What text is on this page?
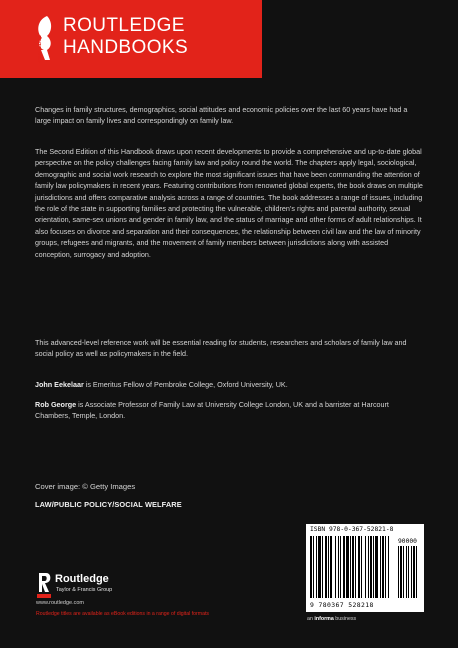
ROUTLEDGE
ROUTLEDGE
HANDBOOKS

Changes in family structures, demographics, social attitudes and economic policies over the last 60 years have had a large impact on family lives and correspondingly on family law.

The Second Edition of this Handbook draws upon recent developments to provide a comprehensive and up-to-date global perspective on the policy challenges facing family law and policy round the world. The chapters apply legal, sociological, demographic and social work research to explore the most significant issues that have been commanding the attention of family law policymakers in recent years. Featuring contributions from renowned global experts, the book draws on multiple jurisdictions and offers comparative analysis across a range of countries. The book addresses a range of issues, including the role of the state in supporting families and protecting the vulnerable, children’s rights and parental authority, sexual orientation, same-sex unions and gender in family law, and the status of marriage and other forms of adult relationships. It also focuses on divorce and separation and their consequences, the relationship between civil law and the law of minority groups, refugees and migrants, and the movement of family members between jurisdictions along with assisted conception, surrogacy and adoption.

This advanced-level reference work will be essential reading for students, researchers and scholars of family law and social policy as well as policymakers in the field.

John Eekelaar is Emeritus Fellow of Pembroke College, Oxford University, UK.

Rob George is Associate Professor of Family Law at University College London, UK and a barrister at Harcourt Chambers, Temple, London.

Cover image: © Getty Images
LAW/PUBLIC POLICY/SOCIAL WELFARE
Routledge
Taylor & Francis Group
www.routledge.com
Routledge titles are available as eBook editions in a range of digital formats
ISBN 978-0-367-52821-8
90000
9 780367 528218
an informa business
